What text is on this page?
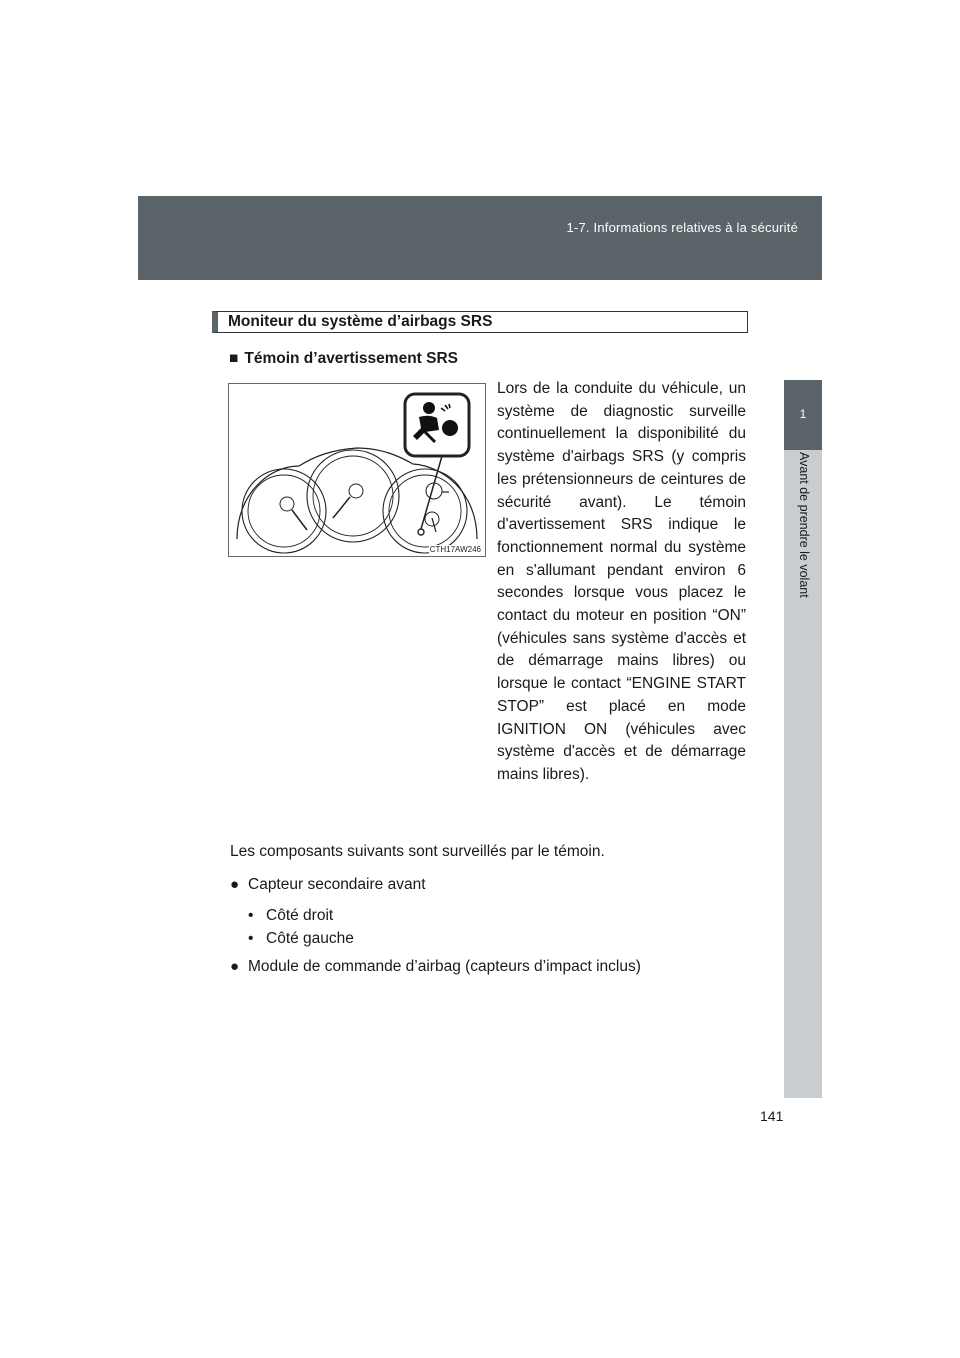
1-7. Informations relatives à la sécurité
1
Avant de prendre le volant
Moniteur du système d’airbags SRS
■ Témoin d’avertissement SRS
CTH17AW246
Lors de la conduite du véhicule, un système de diagnostic surveille continuellement la disponibilité du système d'airbags SRS (y compris les prétensionneurs de ceintures de sécurité avant). Le témoin d'avertissement SRS indique le fonctionnement normal du système en s'allumant pendant environ 6 secondes lorsque vous placez le contact du moteur en position “ON” (véhicules sans système d'accès et de démarrage mains libres) ou lorsque le contact “ENGINE START STOP” est placé en mode IGNITION ON (véhicules avec système d'accès et de démarrage mains libres).

Les composants suivants sont surveillés par le témoin.

● Capteur secondaire avant
• Côté droit
• Côté gauche
● Module de commande d’airbag (capteurs d’impact inclus)
141
